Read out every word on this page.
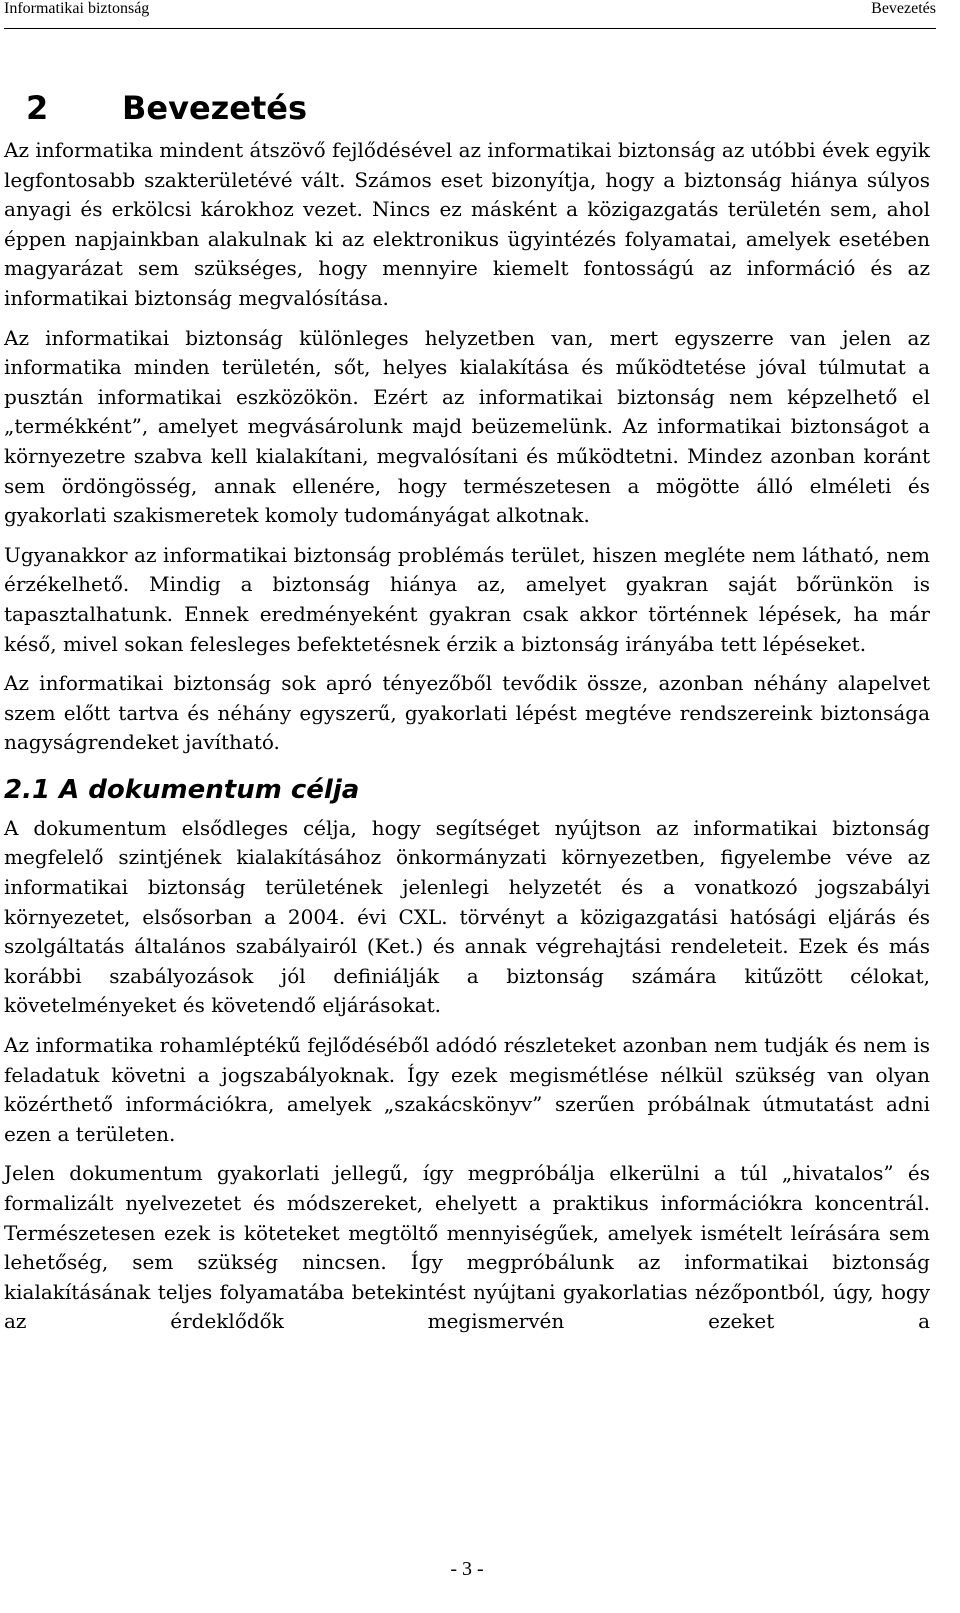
Informatikai biztonság	Bevezetés
2 Bevezetés

Az informatika mindent átszövő fejlődésével az informatikai biztonság az utóbbi évek egyik legfontosabb szakterületévé vált. Számos eset bizonyítja, hogy a biztonság hiánya súlyos anyagi és erkölcsi károkhoz vezet. Nincs ez másként a közigazgatás területén sem, ahol éppen napjainkban alakulnak ki az elektronikus ügyintézés folyamatai, amelyek esetében magyarázat sem szükséges, hogy mennyire kiemelt fontosságú az információ és az informatikai biztonság megvalósítása.

Az informatikai biztonság különleges helyzetben van, mert egyszerre van jelen az informatika minden területén, sőt, helyes kialakítása és működtetése jóval túlmutat a pusztán informatikai eszközökön. Ezért az informatikai biztonság nem képzelhető el „termékként”, amelyet megvásárolunk majd beüzemelünk. Az informatikai biztonságot a környezetre szabva kell kialakítani, megvalósítani és működtetni. Mindez azonban koránt sem ördöngösség, annak ellenére, hogy természetesen a mögötte álló elméleti és gyakorlati szakismeretek komoly tudományágat alkotnak.

Ugyanakkor az informatikai biztonság problémás terület, hiszen megléte nem látható, nem érzékelhető. Mindig a biztonság hiánya az, amelyet gyakran saját bőrünkön is tapasztalhatunk. Ennek eredményeként gyakran csak akkor történnek lépések, ha már késő, mivel sokan felesleges befektetésnek érzik a biztonság irányába tett lépéseket.

Az informatikai biztonság sok apró tényezőből tevődik össze, azonban néhány alapelvet szem előtt tartva és néhány egyszerű, gyakorlati lépést megtéve rendszereink biztonsága nagyságrendeket javítható.

2.1 A dokumentum célja

A dokumentum elsődleges célja, hogy segítséget nyújtson az informatikai biztonság megfelelő szintjének kialakításához önkormányzati környezetben, figyelembe véve az informatikai biztonság területének jelenlegi helyzetét és a vonatkozó jogszabályi környezetet, elsősorban a 2004. évi CXL. törvényt a közigazgatási hatósági eljárás és szolgáltatás általános szabályairól (Ket.) és annak végrehajtási rendeleteit. Ezek és más korábbi szabályozások jól definiálják a biztonság számára kitűzött célokat, követelményeket és követendő eljárásokat.

Az informatika rohamléptékű fejlődéséből adódó részleteket azonban nem tudják és nem is feladatuk követni a jogszabályoknak. Így ezek megismétlése nélkül szükség van olyan közérthető információkra, amelyek „szakácskönyv” szerűen próbálnak útmutatást adni ezen a területen.

Jelen dokumentum gyakorlati jellegű, így megpróbálja elkerülni a túl „hivatalos” és formalizált nyelvezetet és módszereket, ehelyett a praktikus információkra koncentrál. Természetesen ezek is köteteket megtöltő mennyiségűek, amelyek ismételt leírására sem lehetőség, sem szükség nincsen. Így megpróbálunk az informatikai biztonság kialakításának teljes folyamatába betekintést nyújtani gyakorlatias nézőpontból, úgy, hogy az érdeklődők megismervén ezeket a

- 3 -
